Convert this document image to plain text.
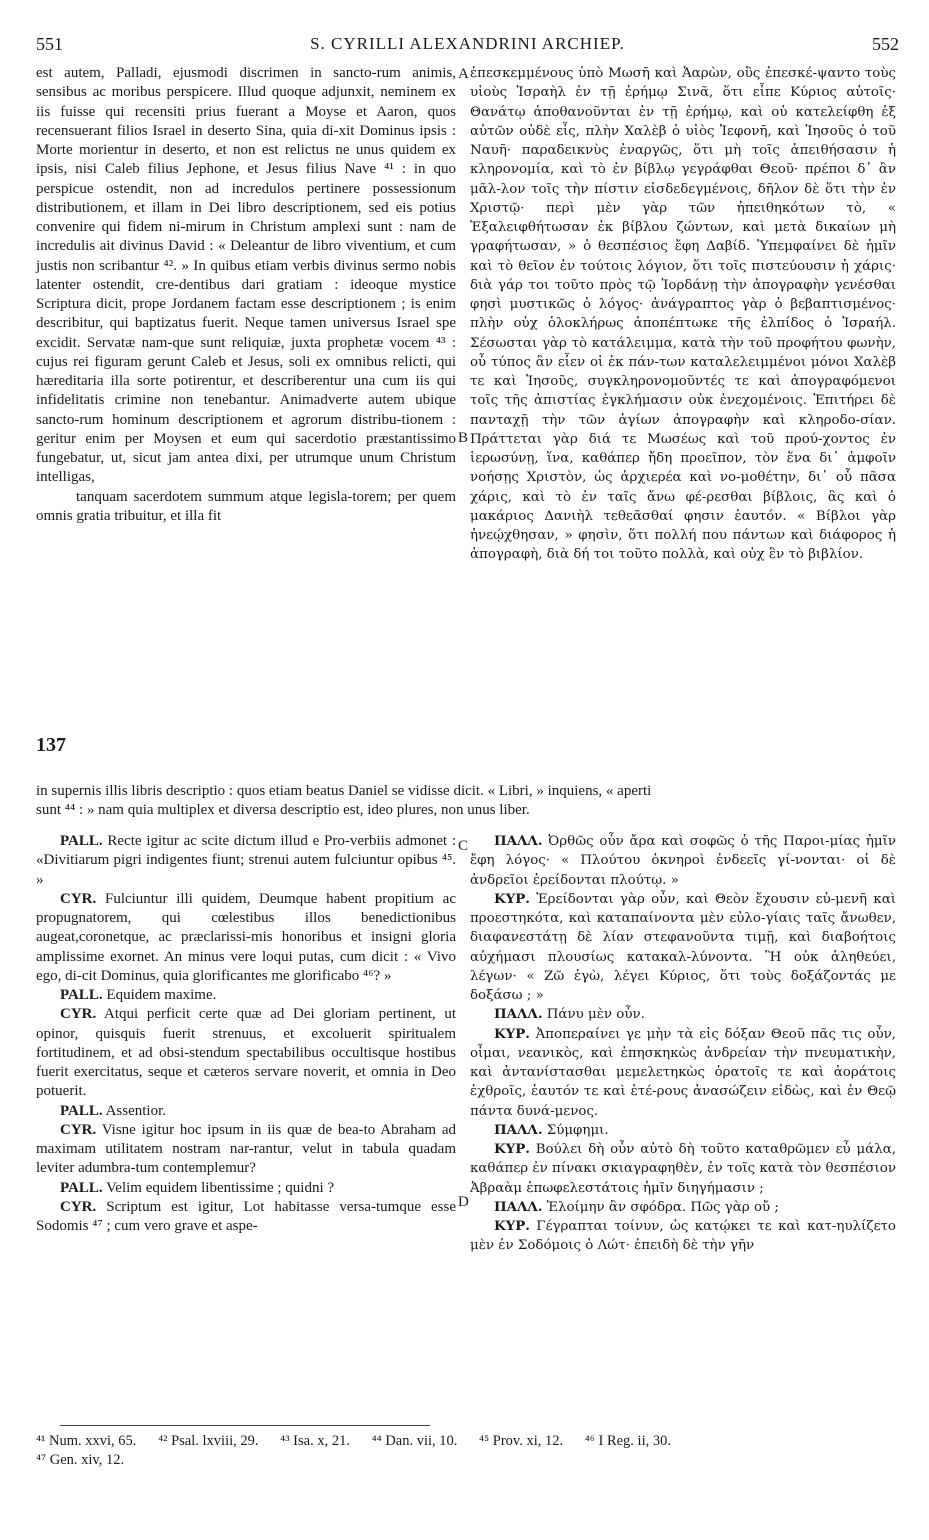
551	S. CYRILLI ALEXANDRINI ARCHIEP.	552

est autem, Palladi, ejusmodi discrimen in sancto-rum animis, sensibus ac moribus perspicere. Illud quoque adjunxit, neminem ex iis fuisse qui recensiti prius fuerant a Moyse et Aaron, quos recensuerant filios Israel in deserto Sina, quia di-xit Dominus ipsis : Morte morientur in deserto, et non est relictus ne unus quidem ex ipsis, nisi Caleb filius Jephone, et Jesus filius Nave ⁴¹ : in quo perspicue ostendit, non ad incredulos pertinere possessionum distributionem, et illam in Dei libro descriptionem, sed eis potius convenire qui fidem ni-mirum in Christum amplexi sunt : nam de incredulis ait divinus David : « Deleantur de libro viventium, et cum justis non scribantur ⁴². » In quibus etiam verbis divinus sermo nobis latenter ostendit, cre-dentibus dari gratiam : ideoque mystice Scriptura dicit, prope Jordanem factam esse descriptionem ; is enim describitur, qui baptizatus fuerit. Neque tamen universus Israel spe excidit. Servatæ nam-que sunt reliquiæ, juxta prophetæ vocem ⁴³ : cujus rei figuram gerunt Caleb et Jesus, soli ex omnibus relicti, qui hæreditaria illa sorte potirentur, et describerentur una cum iis qui infidelitatis crimine non tenebantur. Animadverte autem ubique sancto-rum hominum descriptionem et agrorum distribu-tionem : geritur enim per Moysen et eum qui sacerdotio præstantissimo fungebatur, ut, sicut jam antea dixi, per utrumque unum Christum intelligas,

tanquam sacerdotem summum atque legisla-torem; per quem omnis gratia tribuitur, et illa fit

A
B
137

ἐπεσκεμμένους ὑπὸ Μωσῆ καὶ Ἀαρὼν, οὓς ἐπεσκέ-ψαντο τοὺς υἱοὺς Ἰσραὴλ ἐν τῇ ἐρήμῳ Σινᾶ, ὅτι εἶπε Κύριος αὐτοῖς· Θανάτῳ ἀποθανοῦνται ἐν τῇ ἐρήμῳ, καὶ οὐ κατελείφθη ἐξ αὐτῶν οὐδὲ εἷς, πλὴν Χαλὲβ ὁ υἱὸς Ἰεφονῆ, καὶ Ἰησοῦς ὁ τοῦ Ναυῆ· παραδεικνὺς ἐναργῶς, ὅτι μὴ τοῖς ἀπειθήσασιν ἡ κληρονομία, καὶ τὸ ἐν βίβλῳ γεγράφθαι Θεοῦ· πρέποι δ᾽ ἂν μᾶλ-λον τοῖς τὴν πίστιν εἰσδεδεγμένοις, δῆλον δὲ ὅτι τὴν ἐν Χριστῷ· περὶ μὲν γὰρ τῶν ἠπειθηκότων τὸ, « Ἐξαλειφθήτωσαν ἐκ βίβλου ζώντων, καὶ μετὰ δικαίων μὴ γραφήτωσαν, » ὁ θεσπέσιος ἔφη Δαβίδ. Ὑπεμφαίνει δὲ ἡμῖν καὶ τὸ θεῖον ἐν τούτοις λόγιον, ὅτι τοῖς πιστεύουσιν ἡ χάρις· διὰ γάρ τοι τοῦτο πρὸς τῷ Ἰορδάνῃ τὴν ἀπογραφὴν γενέσθαι φησὶ μυστικῶς ὁ λόγος· ἀνάγραπτος γὰρ ὁ βεβαπτισμένος· πλὴν οὐχ ὁλοκλήρως ἀποπέπτωκε τῆς ἐλπίδος ὁ Ἰσραήλ. Σέσωσται γὰρ τὸ κατάλειμμα, κατὰ τὴν τοῦ προφήτου φωνὴν, οὗ τύπος ἂν εἶεν οἱ ἐκ πάν-των καταλελειμμένοι μόνοι Χαλὲβ τε καὶ Ἰησοῦς, συγκληρονομοῦντές τε καὶ ἀπογραφόμενοι τοῖς τῆς ἀπιστίας ἐγκλήμασιν οὐκ ἐνεχομένοις. Ἐπιτήρει δὲ πανταχῇ τὴν τῶν ἁγίων ἀπογραφὴν καὶ κληροδο-σίαν. Πράττεται γὰρ διά τε Μωσέως καὶ τοῦ πρού-χοντος ἐν ἱερωσύνῃ, ἵνα, καθάπερ ἤδη προεῖπον, τὸν ἕνα δι᾽ ἀμφοῖν νοήσῃς Χριστὸν, ὡς ἀρχιερέα καὶ νο-μοθέτην, δι᾽ οὗ πᾶσα χάρις, καὶ τὸ ἐν ταῖς ἄνω φέ-ρεσθαι βίβλοις, ἃς καὶ ὁ μακάριος Δανιὴλ τεθεᾶσθαί φησιν ἑαυτόν. « Βίβλοι γὰρ ἠνεῴχθησαν, » φησὶν, ὅτι πολλή που πάντων καὶ διάφορος ἡ ἀπογραφὴ, διὰ δή τοι τοῦτο πολλὰ, καὶ οὐχ ἓν τὸ βιβλίον.

in supernis illis libris descriptio : quos etiam beatus Daniel se vidisse dicit. « Libri, » inquiens, « aperti

sunt ⁴⁴ : » nam quia multiplex et diversa descriptio est, ideo plures, non unus liber.

C
D

PALL. Recte igitur ac scite dictum illud e Pro-verbiis admonet : «Divitiarum pigri indigentes fiunt; strenui autem fulciuntur opibus ⁴⁵. »

CYR. Fulciuntur illi quidem, Deumque habent propitium ac propugnatorem, qui cœlestibus illos benedictionibus augeat,coronetque, ac præclarissi-mis honoribus et insigni gloria amplissime exornet. An minus vere loqui putas, cum dicit : « Vivo ego, di-cit Dominus, quia glorificantes me glorificabo ⁴⁶? »

PALL. Equidem maxime.

CYR. Atqui perficit certe quæ ad Dei gloriam pertinent, ut opinor, quisquis fuerit strenuus, et excoluerit spiritualem fortitudinem, et ad obsi-stendum spectabilibus occultisque hostibus fuerit exercitatus, seque et cæteros servare noverit, et omnia in Deo potuerit.

PALL. Assentior.

CYR. Visne igitur hoc ipsum in iis quæ de bea-to Abraham ad maximam utilitatem nostram nar-rantur, velut in tabula quadam leviter adumbra-tum contemplemur?

PALL. Velim equidem libentissime ; quidni ?

CYR. Scriptum est igitur, Lot habitasse versa-tumque esse Sodomis ⁴⁷ ; cum vero grave et aspe-

ΠΑΛΛ. Ὀρθῶς οὖν ἄρα καὶ σοφῶς ὁ τῆς Παροι-μίας ἡμῖν ἔφη λόγος· « Πλούτου ὀκνηροὶ ἐνδεεῖς γί-νονται· οἱ δὲ ἀνδρεῖοι ἐρείδονται πλούτῳ. »

ΚΥΡ. Ἐρείδονται γὰρ οὖν, καὶ Θεὸν ἔχουσιν εὐ-μενῆ καὶ προεστηκότα, καὶ καταπαίνοντα μὲν εὐλο-γίαις ταῖς ἄνωθεν, διαφανεστάτῃ δὲ λίαν στεφανοῦντα τιμῇ, καὶ διαβοήτοις αὐχήμασι πλουσίως κατακαλ-λύνοντα. Ἢ οὐκ ἀληθεύει, λέγων· « Ζῶ ἐγὼ, λέγει Κύριος, ὅτι τοὺς δοξάζοντάς με δοξάσω ; »

ΠΑΛΛ. Πάνυ μὲν οὖν.

ΚΥΡ. Ἀποπεραίνει γε μὴν τὰ εἰς δόξαν Θεοῦ πᾶς τις οὖν, οἶμαι, νεανικὸς, καὶ ἐπησκηκὼς ἀνδρείαν τὴν πνευματικὴν, καὶ ἀντανίστασθαι μεμελετηκὼς ὁρατοῖς τε καὶ ἀοράτοις ἐχθροῖς, ἑαυτόν τε καὶ ἑτέ-ρους ἀνασώζειν εἰδὼς, καὶ ἐν Θεῷ πάντα δυνά-μενος.

ΠΑΛΛ. Σύμφημι.

ΚΥΡ. Βούλει δὴ οὖν αὐτὸ δὴ τοῦτο καταθρῶμεν εὖ μάλα, καθάπερ ἐν πίνακι σκιαγραφηθὲν, ἐν τοῖς κατὰ τὸν θεσπέσιον Ἀβραὰμ ἐπωφελεστάτοις ἡμῖν διηγήμασιν ;

ΠΑΛΛ. Ἑλοίμην ἂν σφόδρα. Πῶς γὰρ οὔ ;

ΚΥΡ. Γέγραπται τοίνυν, ὡς κατῴκει τε καὶ κατ-ηυλίζετο μὲν ἐν Σοδόμοις ὁ Λώτ· ἐπειδὴ δὲ τὴν γῆν

⁴¹ Num. xxvi, 65. ⁴² Psal. lxviii, 29. ⁴³ Isa. x, 21. ⁴⁴ Dan. vii, 10. ⁴⁵ Prov. xi, 12. ⁴⁶ I Reg. ii, 30.
⁴⁷ Gen. xiv, 12.
